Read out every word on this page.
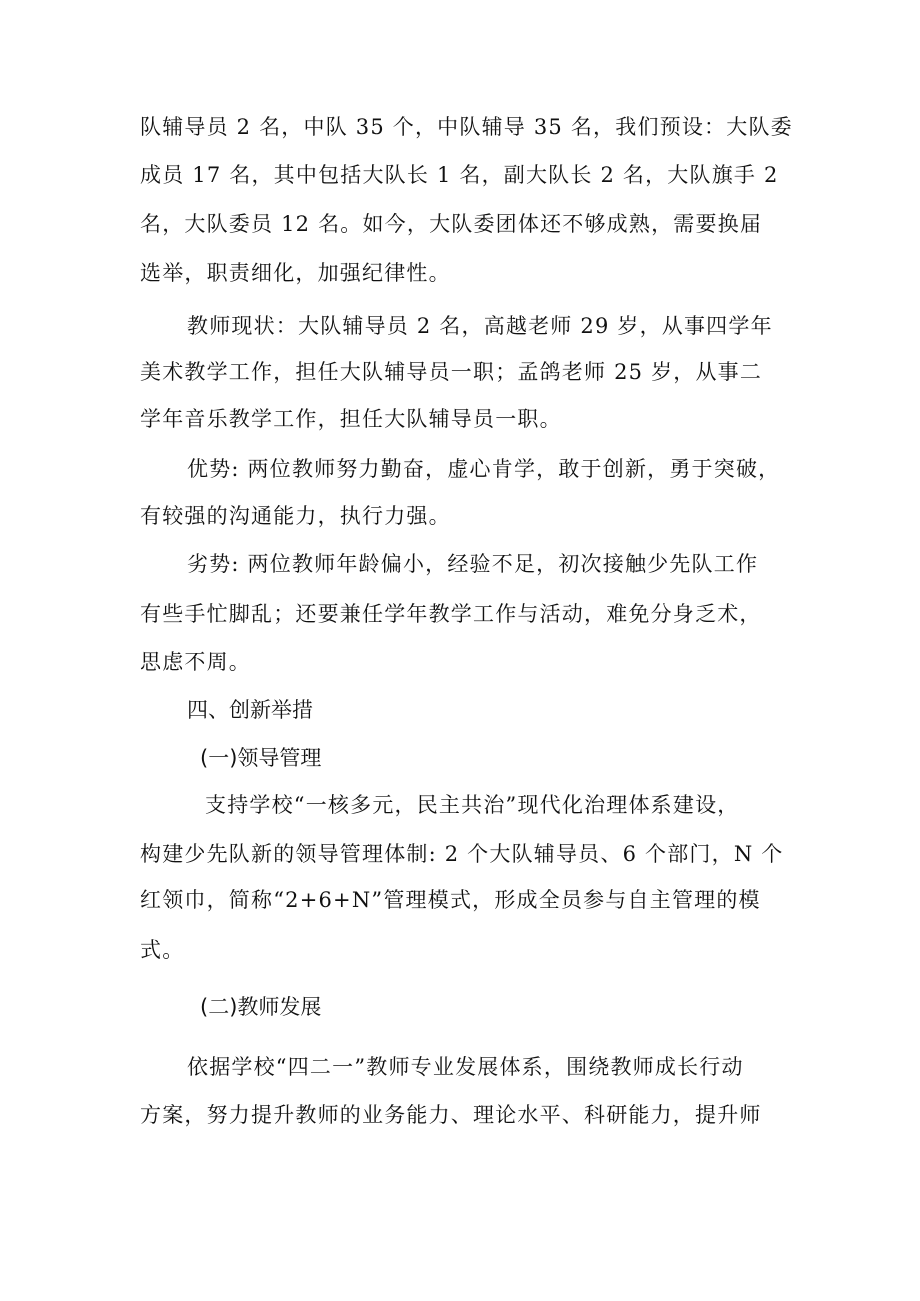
队辅导员 2 名，中队 35 个，中队辅导 35 名，我们预设：大队委
成员 17 名，其中包括大队长 1 名，副大队长 2 名，大队旗手 2
名，大队委员 12 名。如今，大队委团体还不够成熟，需要换届
选举，职责细化，加强纪律性。
教师现状：大队辅导员 2 名，高越老师 29 岁，从事四学年
美术教学工作，担任大队辅导员一职；孟鸽老师 25 岁，从事二
学年音乐教学工作，担任大队辅导员一职。
优势: 两位教师努力勤奋，虚心肯学，敢于创新，勇于突破，
有较强的沟通能力，执行力强。
劣势: 两位教师年龄偏小，经验不足，初次接触少先队工作
有些手忙脚乱；还要兼任学年教学工作与活动，难免分身乏术，
思虑不周。
四、创新举措
(一)领导管理
支持学校“一核多元，民主共治”现代化治理体系建设，
构建少先队新的领导管理体制: 2 个大队辅导员、6 个部门，N 个
红领巾，简称“2+6+N”管理模式，形成全员参与自主管理的模
式。
(二)教师发展
依据学校“四二一”教师专业发展体系，围绕教师成长行动
方案，努力提升教师的业务能力、理论水平、科研能力，提升师
